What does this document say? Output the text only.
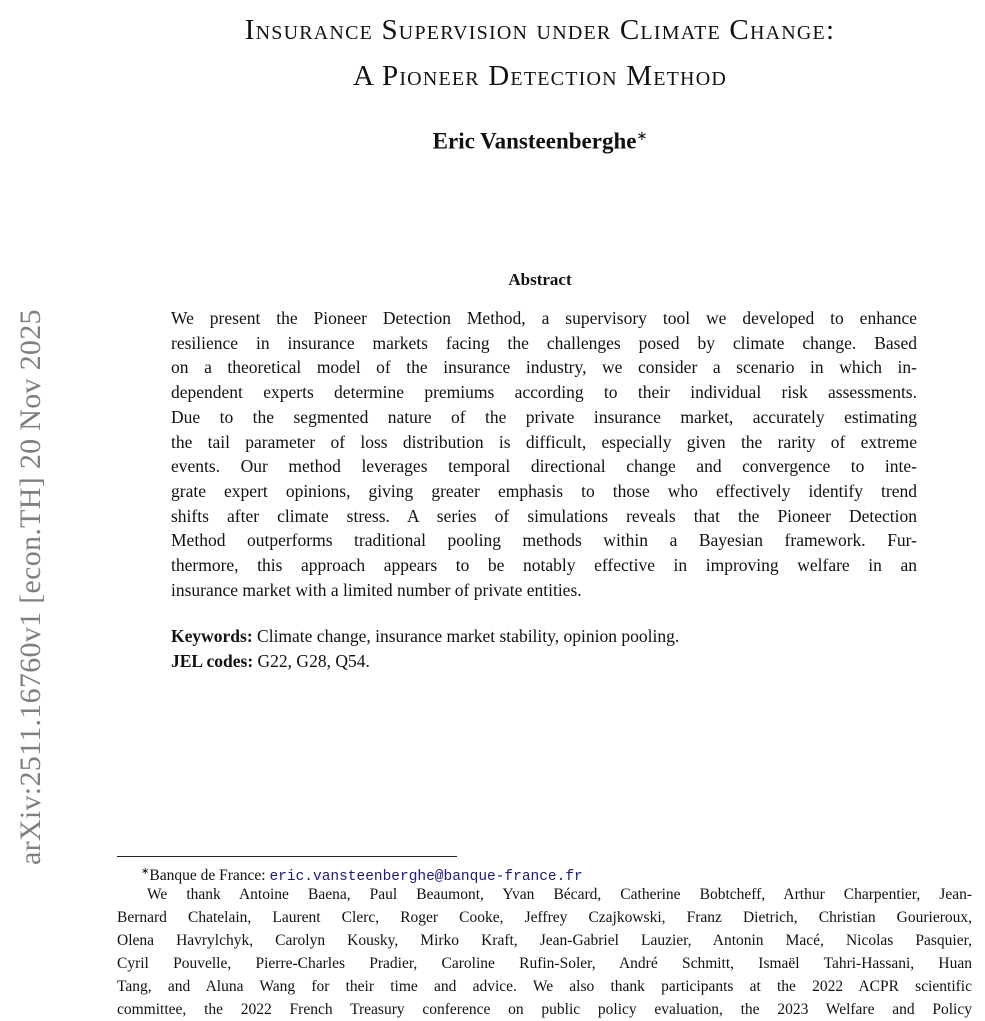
arXiv:2511.16760v1 [econ.TH] 20 Nov 2025
Insurance Supervision under Climate Change:
A Pioneer Detection Method
Eric Vansteenberghe∗
Abstract
We present the Pioneer Detection Method, a supervisory tool we developed to enhance
resilience in insurance markets facing the challenges posed by climate change. Based
on a theoretical model of the insurance industry, we consider a scenario in which in-
dependent experts determine premiums according to their individual risk assessments.
Due to the segmented nature of the private insurance market, accurately estimating
the tail parameter of loss distribution is difficult, especially given the rarity of extreme
events. Our method leverages temporal directional change and convergence to inte-
grate expert opinions, giving greater emphasis to those who effectively identify trend
shifts after climate stress. A series of simulations reveals that the Pioneer Detection
Method outperforms traditional pooling methods within a Bayesian framework. Fur-
thermore, this approach appears to be notably effective in improving welfare in an
insurance market with a limited number of private entities.
Keywords: Climate change, insurance market stability, opinion pooling.
JEL codes: G22, G28, Q54.
∗Banque de France: eric.vansteenberghe@banque-france.fr
We thank Antoine Baena, Paul Beaumont, Yvan Bécard, Catherine Bobtcheff, Arthur Charpentier, Jean-
Bernard Chatelain, Laurent Clerc, Roger Cooke, Jeffrey Czajkowski, Franz Dietrich, Christian Gourieroux,
Olena Havrylchyk, Carolyn Kousky, Mirko Kraft, Jean-Gabriel Lauzier, Antonin Macé, Nicolas Pasquier,
Cyril Pouvelle, Pierre-Charles Pradier, Caroline Rufin-Soler, André Schmitt, Ismaël Tahri-Hassani, Huan
Tang, and Aluna Wang for their time and advice. We also thank participants at the 2022 ACPR scientific
committee, the 2022 French Treasury conference on public policy evaluation, the 2023 Welfare and Policy
